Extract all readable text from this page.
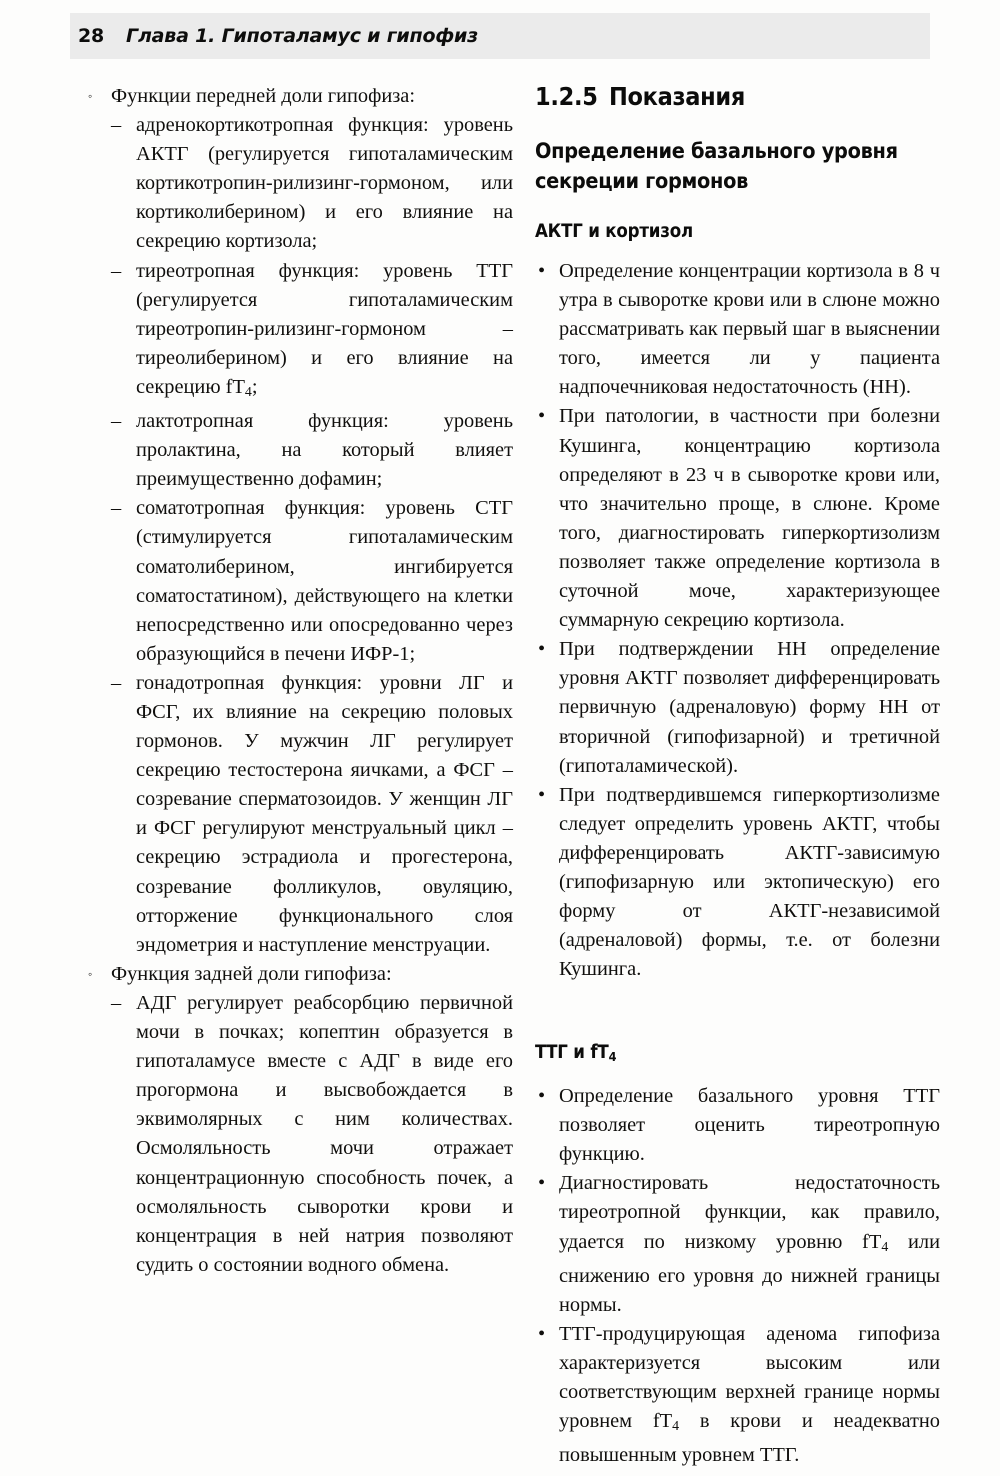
28 Глава 1. Гипоталамус и гипофиз
◦ Функции передней доли гипофиза:
– адренокортикотропная функция: уровень АКТГ (регулируется гипоталамическим кортикотропин-рилизинг-гормоном, или кортиколиберином) и его влияние на секрецию кортизола;
– тиреотропная функция: уровень ТТГ (регулируется гипоталамическим тиреотропин-рилизинг-гормоном – тиреолиберином) и его влияние на секрецию $fT_4$;
– лактотропная функция: уровень пролактина, на который влияет преимущественно дофамин;
– соматотропная функция: уровень СТГ (стимулируется гипоталамическим соматолиберином, ингибируется соматостатином), действующего на клетки непосредственно или опосредованно через образующийся в печени ИФР-1;
– гонадотропная функция: уровни ЛГ и ФСГ, их влияние на секрецию половых гормонов. У мужчин ЛГ регулирует секрецию тестостерона яичками, а ФСГ – созревание сперматозоидов. У женщин ЛГ и ФСГ регулируют менструальный цикл – секрецию эстрадиола и прогестерона, созревание фолликулов, овуляцию, отторжение функционального слоя эндометрия и наступление менструации.
◦ Функция задней доли гипофиза:
– АДГ регулирует реабсорбцию первичной мочи в почках; копептин образуется в гипоталамусе вместе с АДГ в виде его прогормона и высвобождается в эквимолярных с ним количествах. Осмоляльность мочи отражает концентрационную способность почек, а осмоляльность сыворотки крови и концентрация в ней натрия позволяют судить о состоянии водного обмена.
1.2.5 Показания
Определение базального уровня секреции гормонов
АКТГ и кортизол
• Определение концентрации кортизола в 8 ч утра в сыворотке крови или в слюне можно рассматривать как первый шаг в выяснении того, имеется ли у пациента надпочечниковая недостаточность (НН).
• При патологии, в частности при болезни Кушинга, концентрацию кортизола определяют в 23 ч в сыворотке крови или, что значительно проще, в слюне. Кроме того, диагностировать гиперкортизолизм позволяет также определение кортизола в суточной моче, характеризующее суммарную секрецию кортизола.
• При подтверждении НН определение уровня АКТГ позволяет дифференцировать первичную (адреналовую) форму НН от вторичной (гипофизарной) и третичной (гипоталамической).
• При подтвердившемся гиперкортизолизме следует определить уровень АКТГ, чтобы дифференцировать АКТГ-зависимую (гипофизарную или эктопическую) его форму от АКТГ-независимой (адреналовой) формы, т.е. от болезни Кушинга.
ТТГ и $fT_4$
• Определение базального уровня ТТГ позволяет оценить тиреотропную функцию.
• Диагностировать недостаточность тиреотропной функции, как правило, удается по низкому уровню $fT_4$ или снижению его уровня до нижней границы нормы.
• ТТГ-продуцирующая аденома гипофиза характеризуется высоким или соответствующим верхней границе нормы уровнем $fT_4$ в крови и неадекватно повышенным уровнем ТТГ.
